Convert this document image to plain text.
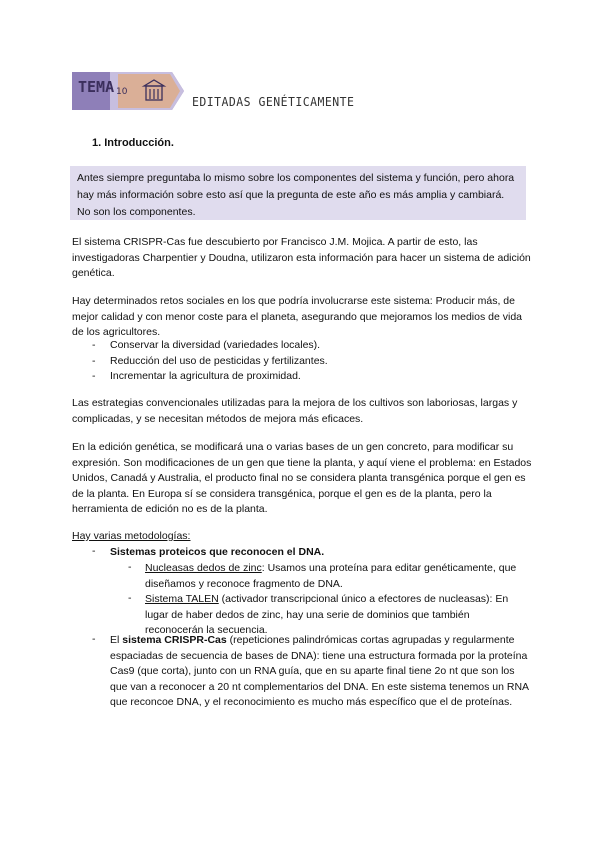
TEMA 10
EDITADAS GENÉTICAMENTE
1. Introducción.
Antes siempre preguntaba lo mismo sobre los componentes del sistema y función, pero ahora hay más información sobre esto así que la pregunta de este año es más amplia y cambiará. No son los componentes.
El sistema CRISPR-Cas fue descubierto por Francisco J.M. Mojica. A partir de esto, las investigadoras Charpentier y Doudna, utilizaron esta información para hacer un sistema de adición genética.
Hay determinados retos sociales en los que podría involucrarse este sistema: Producir más, de mejor calidad y con menor coste para el planeta, asegurando que mejoramos los medios de vida de los agricultores.
- Conservar la diversidad (variedades locales).
- Reducción del uso de pesticidas y fertilizantes.
- Incrementar la agricultura de proximidad.
Las estrategias convencionales utilizadas para la mejora de los cultivos son laboriosas, largas y complicadas, y se necesitan métodos de mejora más eficaces.
En la edición genética, se modificará una o varias bases de un gen concreto, para modificar su expresión. Son modificaciones de un gen que tiene la planta, y aquí viene el problema: en Estados Unidos, Canadá y Australia, el producto final no se considera planta transgénica porque el gen es de la planta. En Europa sí se considera transgénica, porque el gen es de la planta, pero la herramienta de edición no es de la planta.
Hay varias metodologías:
- Sistemas proteicos que reconocen el DNA.
- Nucleasas dedos de zinc: Usamos una proteína para editar genéticamente, que diseñamos y reconoce fragmento de DNA.
- Sistema TALEN (activador transcripcional único a efectores de nucleasas): En lugar de haber dedos de zinc, hay una serie de dominios que también reconocerán la secuencia.
- El sistema CRISPR-Cas (repeticiones palindrómicas cortas agrupadas y regularmente espaciadas de secuencia de bases de DNA): tiene una estructura formada por la proteína Cas9 (que corta), junto con un RNA guía, que en su aparte final tiene 2o nt que son los que van a reconocer a 20 nt complementarios del DNA. En este sistema tenemos un RNA que reconcoe DNA, y el reconocimiento es mucho más específico que el de proteínas.
